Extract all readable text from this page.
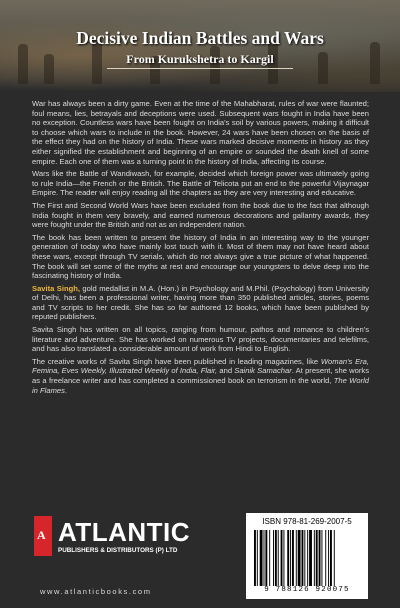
Decisive Indian Battles and Wars
From Kurukshetra to Kargil

War has always been a dirty game. Even at the time of the Mahabharat, rules of war were flaunted; foul means, lies, betrayals and deceptions were used. Subsequent wars fought in India have been no exception. Countless wars have been fought on India's soil by various powers, making it difficult to choose which wars to include in the book. However, 24 wars have been chosen on the basis of the effect they had on the history of India. These wars marked decisive moments in history as they either signified the establishment and beginning of an empire or sounded the death knell of some empire. Each one of them was a turning point in the history of India, affecting its course.

Wars like the Battle of Wandiwash, for example, decided which foreign power was ultimately going to rule India—the French or the British. The Battle of Telicota put an end to the powerful Vijaynagar Empire. The reader will enjoy reading all the chapters as they are very interesting and educative.

The First and Second World Wars have been excluded from the book due to the fact that although India fought in them very bravely, and earned numerous decorations and gallantry awards, they were fought under the British and not as an independent nation.

The book has been written to present the history of India in an interesting way to the younger generation of today who have mainly lost touch with it. Most of them may not have heard about these wars, except through TV serials, which do not always give a true picture of what happened. The book will set some of the myths at rest and encourage our youngsters to delve deep into the fascinating history of India.

Savita Singh, gold medallist in M.A. (Hon.) in Psychology and M.Phil. (Psychology) from University of Delhi, has been a professional writer, having more than 350 published articles, stories, poems and TV scripts to her credit. She has so far authored 12 books, which have been published by reputed publishers.

Savita Singh has written on all topics, ranging from humour, pathos and romance to children's literature and adventure. She has worked on numerous TV projects, documentaries and telefilms, and has also translated a considerable amount of work from Hindi to English.

The creative works of Savita Singh have been published in leading magazines, like Woman's Era, Femina, Eves Weekly, Illustrated Weekly of India, Flair, and Sainik Samachar. At present, she works as a freelance writer and has completed a commissioned book on terrorism in the world, The World in Flames.

A ATLANTIC
PUBLISHERS & DISTRIBUTORS (P) LTD
www.atlanticbooks.com
ISBN 978-81-269-2007-5
9 788126 920075
